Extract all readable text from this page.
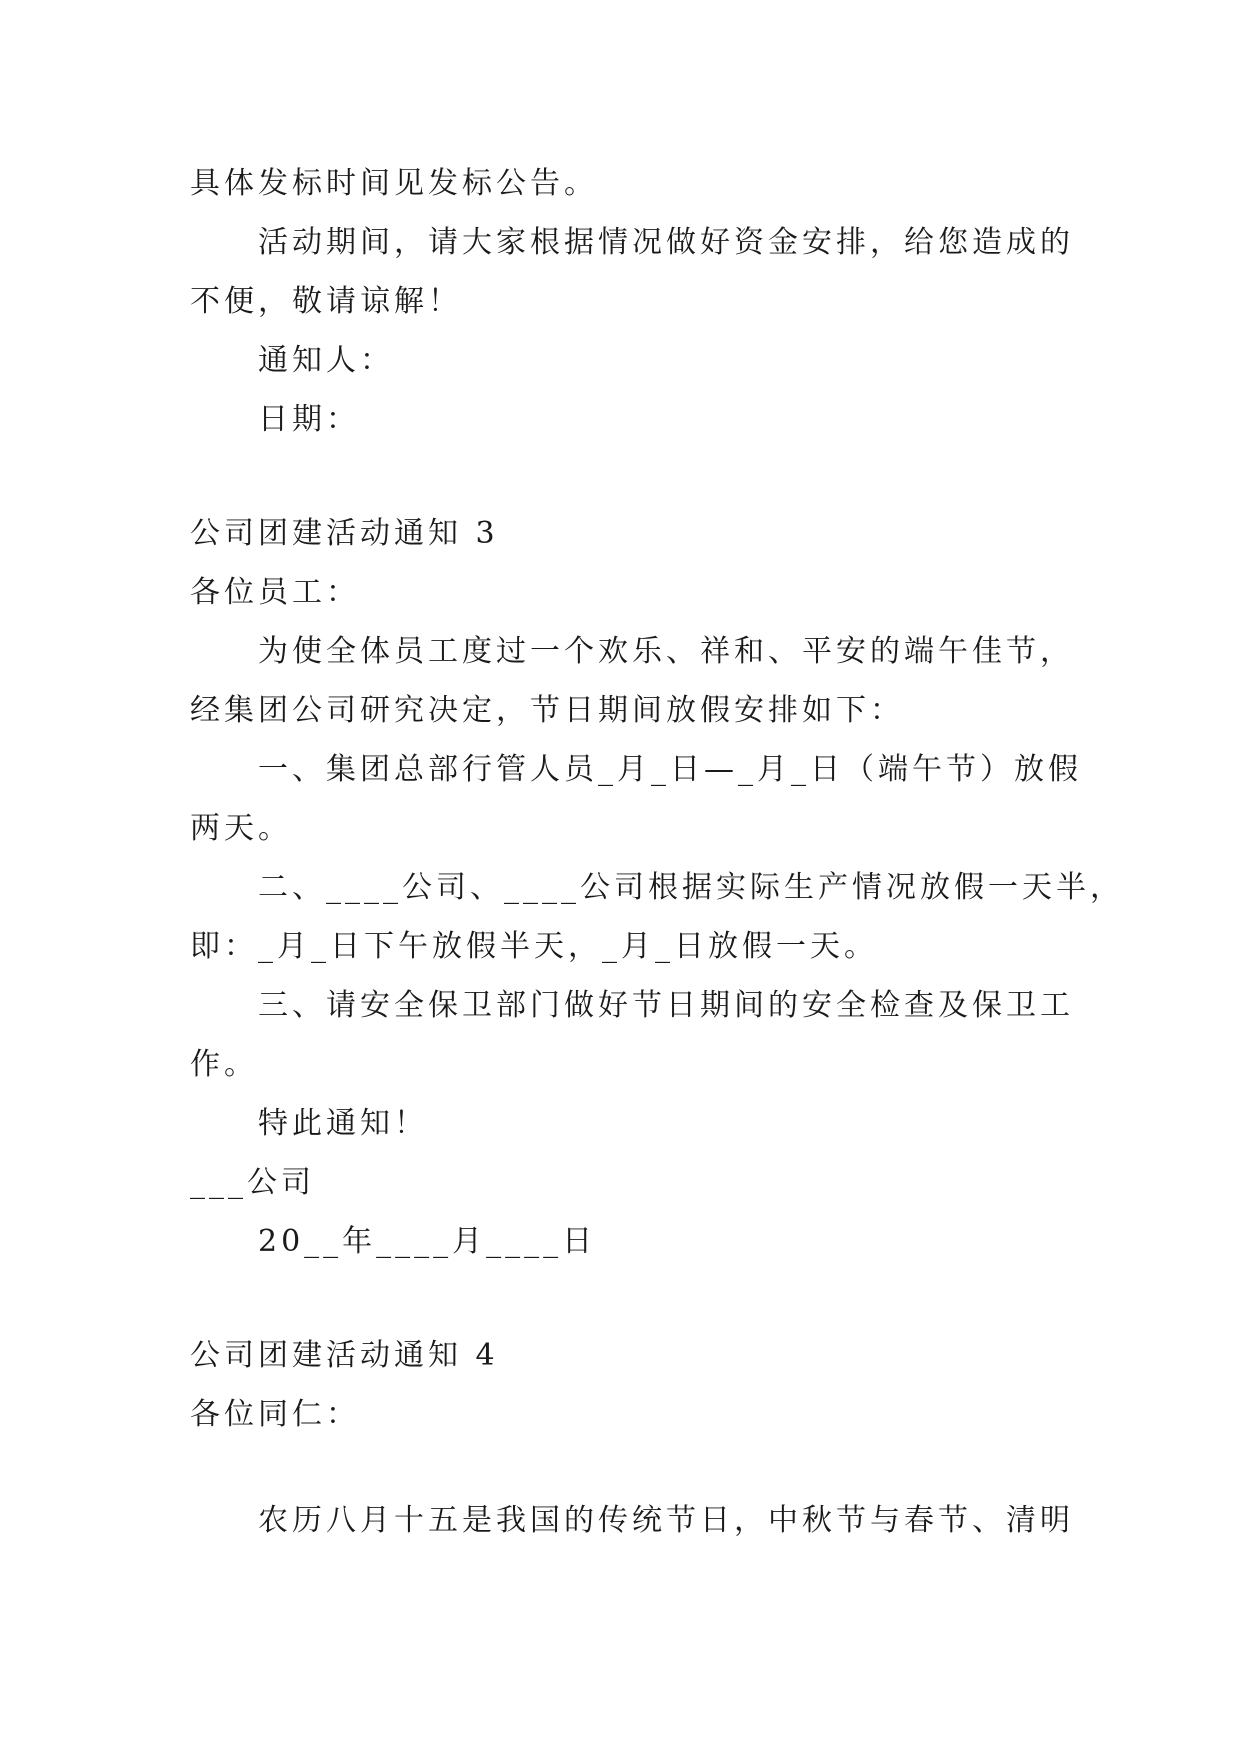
具体发标时间见发标公告。
活动期间，请大家根据情况做好资金安排，给您造成的
不便，敬请谅解！
通知人：
日期：
公司团建活动通知 3
各位员工：
为使全体员工度过一个欢乐、祥和、平安的端午佳节，
经集团公司研究决定，节日期间放假安排如下：
一、集团总部行管人员_月_日—_月_日（端午节）放假
两天。
二、____公司、____公司根据实际生产情况放假一天半，
即：_月_日下午放假半天，_月_日放假一天。
三、请安全保卫部门做好节日期间的安全检查及保卫工
作。
特此通知！
___公司
20__年____月____日
公司团建活动通知 4
各位同仁：
农历八月十五是我国的传统节日，中秋节与春节、清明
